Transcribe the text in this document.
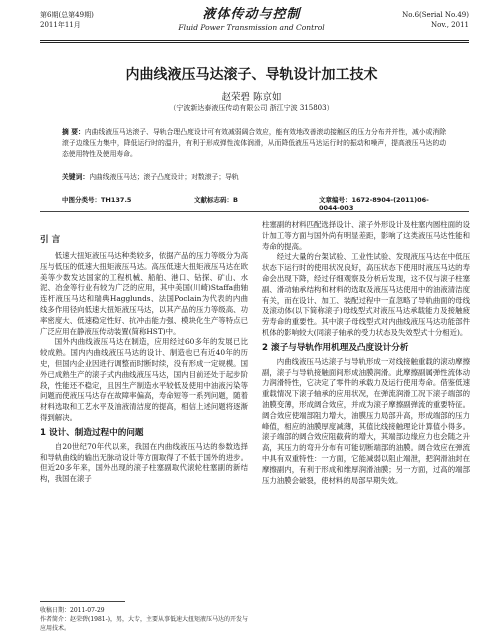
第6期(总第49期)
2011年11月
液体传动与控制
Fluid Power Transmission and Control
No.6(Serial No.49)
Nov., 2011
内曲线液压马达滚子、导轨设计加工技术
赵荣碧 陈京如
（宁波新达泰液压传动有限公司 浙江宁波 315803）
摘 要：内曲线液压马达滚子、导轨合理凸度设计可有效减弱阔合效应，能有效地改善滚动接触区的压力分布并并性，减小或消除滚子边缘压力集中，降低运行时的温升，有利于形成弹性流体润滑，从而降低液压马达运行时的振动和噪声，提高液压马达的动态使用特性及使用寿命。
关键词：内曲线液压马达；滚子凸度设计；对数滚子；导轨
中图分类号：TH137.5	文献标志码：B	文章编号：1672-8904-(2011)06-0044-003
引 言

低速大扭矩液压马达种类较多，依据产品的压力等级分为高压与低压的低速大扭矩液压马达。高压低速大扭矩液压马达在欧美等少数发达国家的工程机械、船舶、港口、钻探、矿山、水泥、冶金等行业有较为广泛的应用，其中美国(川崎)Staffa曲轴连杆液压马达和瑞典Hagglunds、法国Poclain为代表的内曲线多作用径向低速大扭矩液压马达，以其产品的压力等级高、功率密度大、低速稳定性好、抗冲击能力强、模块化生产等特点已广泛应用在静液压传动装置(简称HST)中。

国外内曲线液压马达在制造，应用经过60多年的发展已比较成熟。国内内曲线液压马达的设计、制造也已有近40年的历史，但国内企业因进行调整而时断时续，没有形成一定规模。国外已成熟生产的滚子式内曲线液压马达，国内目前还处于起步阶段，性能还不稳定，且因生产制造水平较低及使用中油液污染等问题而使液压马达存在故障率偏高，寿命短等一系列问题，随着材料选取和工艺水平及油液清洁度的提高，相信上述问题将逐渐得到解决。

1 设计、制造过程中的问题

自20世纪70年代以来，我国在内曲线液压马达的参数选择和导轨曲线的输出无脉动设计等方面取得了不低于国外的进步。但近20多年来，国外出现的滚子柱塞副取代滚轮柱塞副的新结构，我国在滚子

柱塞副的材料匹配选择设计、滚子外形设计及柱塞内圆柱面的设计加工等方面与国外尚有明显差距，影响了这类液压马达性能和寿命的提高。

经过大量的台架试验、工业性试验、发现液压马达在中低压状态下运行时的使用状况良好，高压状态下使用时液压马达的寿命会出现下降，经过仔细观察及分析后发现，这不仅与滚子柱塞副、滑动轴承结构和材料的选取及液压马达使用中的油液清洁度有关，而在设计、加工、装配过程中一直忽略了导轨曲面的母线及滚动体(以下简称滚子)母线型式对液压马达承载能力及接触疲劳寿命的重要性。其中滚子母线型式对内曲线液压马达功能部件机体的影响较大(同滚子轴承的受力状态及失效型式十分相近)。

2 滚子与导轨作用机理及凸度设计分析

内曲线液压马达滚子与导轨形成一对线接触重载的滚动摩擦副，滚子与导轨接触面间形成油膜润滑。此摩擦副属弹性流体动力润滑特性，它决定了零件的承载力及运行使用寿命。借鉴低速重载情况下滚子轴承的应用状况，在弹流润滑工况下滚子端部的油膜变薄，形成阔合效应，并成为滚子摩擦副弹流的重要特征。阔合效应使端部阻力增大，油膜压力局部升高，形成端部的压力峰值，相应的油膜厚度减薄，其值比线接触理论计算值小得多。滚子端部的阔合效应阻截荷的增大，其端部边缘应力也会随之升高，其压力的弯升分布有可能切断端部的油膜。阔合效应在弹流中具有双重特性：一方面，它能减弱以阻止端泄，把润滑油封在摩擦副内，有利于形成和维厚润滑油膜；另一方面，过高的端部压力油膜会破裂，使材料的局部早期失效。

收稿日期：2011-07-29
作者简介：赵荣碧(1981-)，男，大专，主要从事低速大扭矩液压马达的开发与应用技术。
